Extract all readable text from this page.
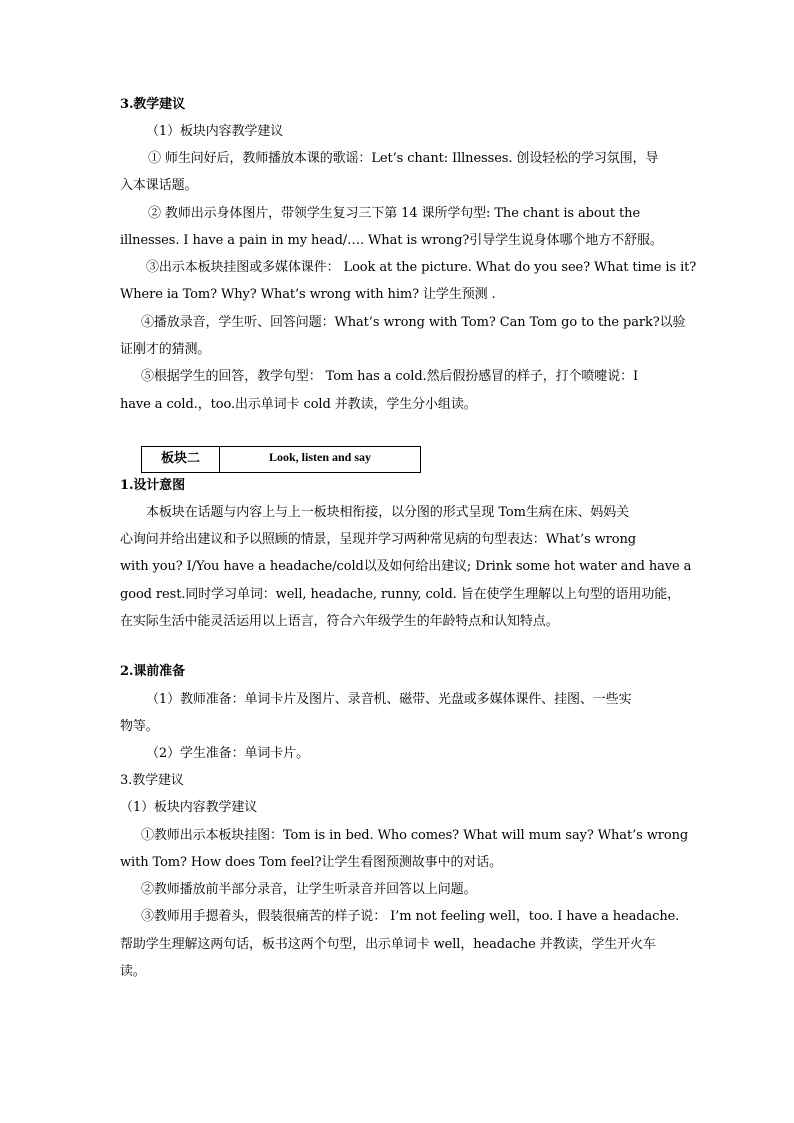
3.教学建议
（1）板块内容教学建议
① 师生问好后，教师播放本课的歌谣：Let’s chant: Illnesses. 创设轻松的学习氛围，导
入本课话题。
② 教师出示身体图片，带领学生复习三下第 14 课所学句型: The chant is about the
illnesses. I have a pain in my head/…. What is wrong?引导学生说身体哪个地方不舒服。
③出示本板块挂图或多媒体课件： Look at the picture. What do you see? What time is it?
Where ia Tom? Why? What’s wrong with him? 让学生预测 .
④播放录音，学生听、回答问题：What’s wrong with Tom? Can Tom go to the park?以验
证刚才的猜测。
⑤根据学生的回答，教学句型： Tom has a cold.然后假扮感冒的样子，打个喷嚏说：I
have a cold.，too.出示单词卡 cold 并教读，学生分小组读。
板块二	Look, listen and say
1.设计意图
本板块在话题与内容上与上一板块相衔接，以分图的形式呈现 Tom生病在床、妈妈关
心询问并给出建议和予以照顾的情景，呈现并学习两种常见病的句型表达：What’s wrong
with you? I/You have a headache/cold以及如何给出建议; Drink some hot water and have a
good rest.同时学习单词：well, headache, runny, cold. 旨在使学生理解以上句型的语用功能，
在实际生活中能灵活运用以上语言，符合六年级学生的年龄特点和认知特点。
2.课前准备
（1）教师准备：单词卡片及图片、录音机、磁带、光盘或多媒体课件、挂图、一些实
物等。
（2）学生准备：单词卡片。
3.教学建议
（1）板块内容教学建议
①教师出示本板块挂图：Tom is in bed. Who comes? What will mum say? What’s wrong
with Tom? How does Tom feel?让学生看图预测故事中的对话。
②教师播放前半部分录音，让学生听录音并回答以上问题。
③教师用手摁着头，假装很痛苦的样子说： I’m not feeling well，too. I have a headache.
帮助学生理解这两句话，板书这两个句型，出示单词卡 well，headache 并教读，学生开火车
读。
